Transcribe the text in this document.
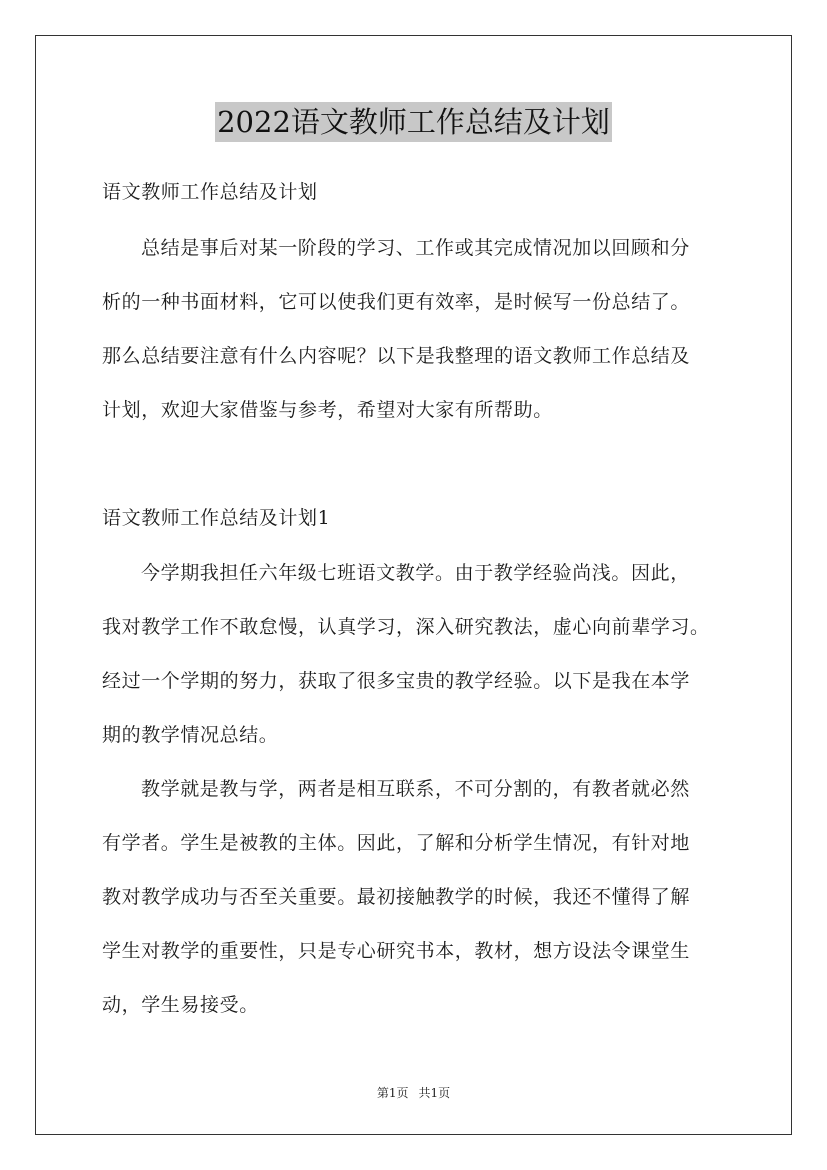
2022语文教师工作总结及计划
语文教师工作总结及计划
总结是事后对某一阶段的学习、工作或其完成情况加以回顾和分
析的一种书面材料，它可以使我们更有效率，是时候写一份总结了。
那么总结要注意有什么内容呢？以下是我整理的语文教师工作总结及
计划，欢迎大家借鉴与参考，希望对大家有所帮助。
语文教师工作总结及计划1
今学期我担任六年级七班语文教学。由于教学经验尚浅。因此，
我对教学工作不敢怠慢，认真学习，深入研究教法，虚心向前辈学习。
经过一个学期的努力，获取了很多宝贵的教学经验。以下是我在本学
期的教学情况总结。
教学就是教与学，两者是相互联系，不可分割的，有教者就必然
有学者。学生是被教的主体。因此，了解和分析学生情况，有针对地
教对教学成功与否至关重要。最初接触教学的时候，我还不懂得了解
学生对教学的重要性，只是专心研究书本，教材，想方设法令课堂生
动，学生易接受。
第1页 共1页
